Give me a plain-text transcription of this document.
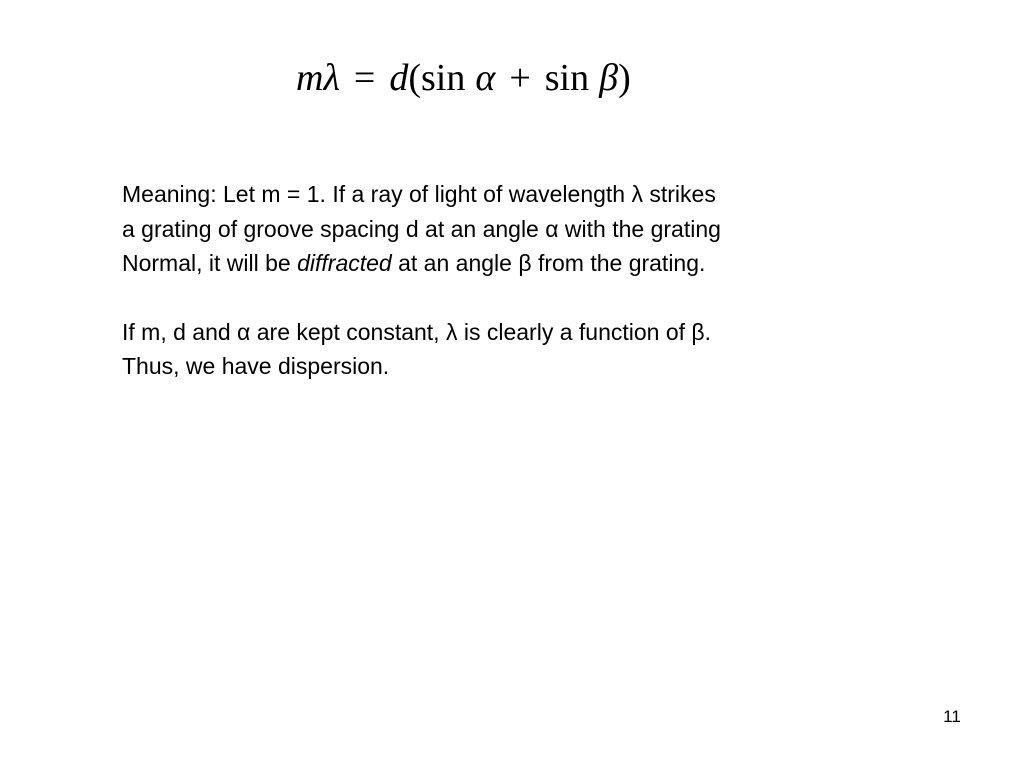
mλ = d(sin α + sin β)

Meaning: Let m = 1. If a ray of light of wavelength λ strikes

a grating of groove spacing d at an angle α with the grating

Normal, it will be diffracted at an angle β from the grating.

If m, d and α are kept constant, λ is clearly a function of β.

Thus, we have dispersion.

11
